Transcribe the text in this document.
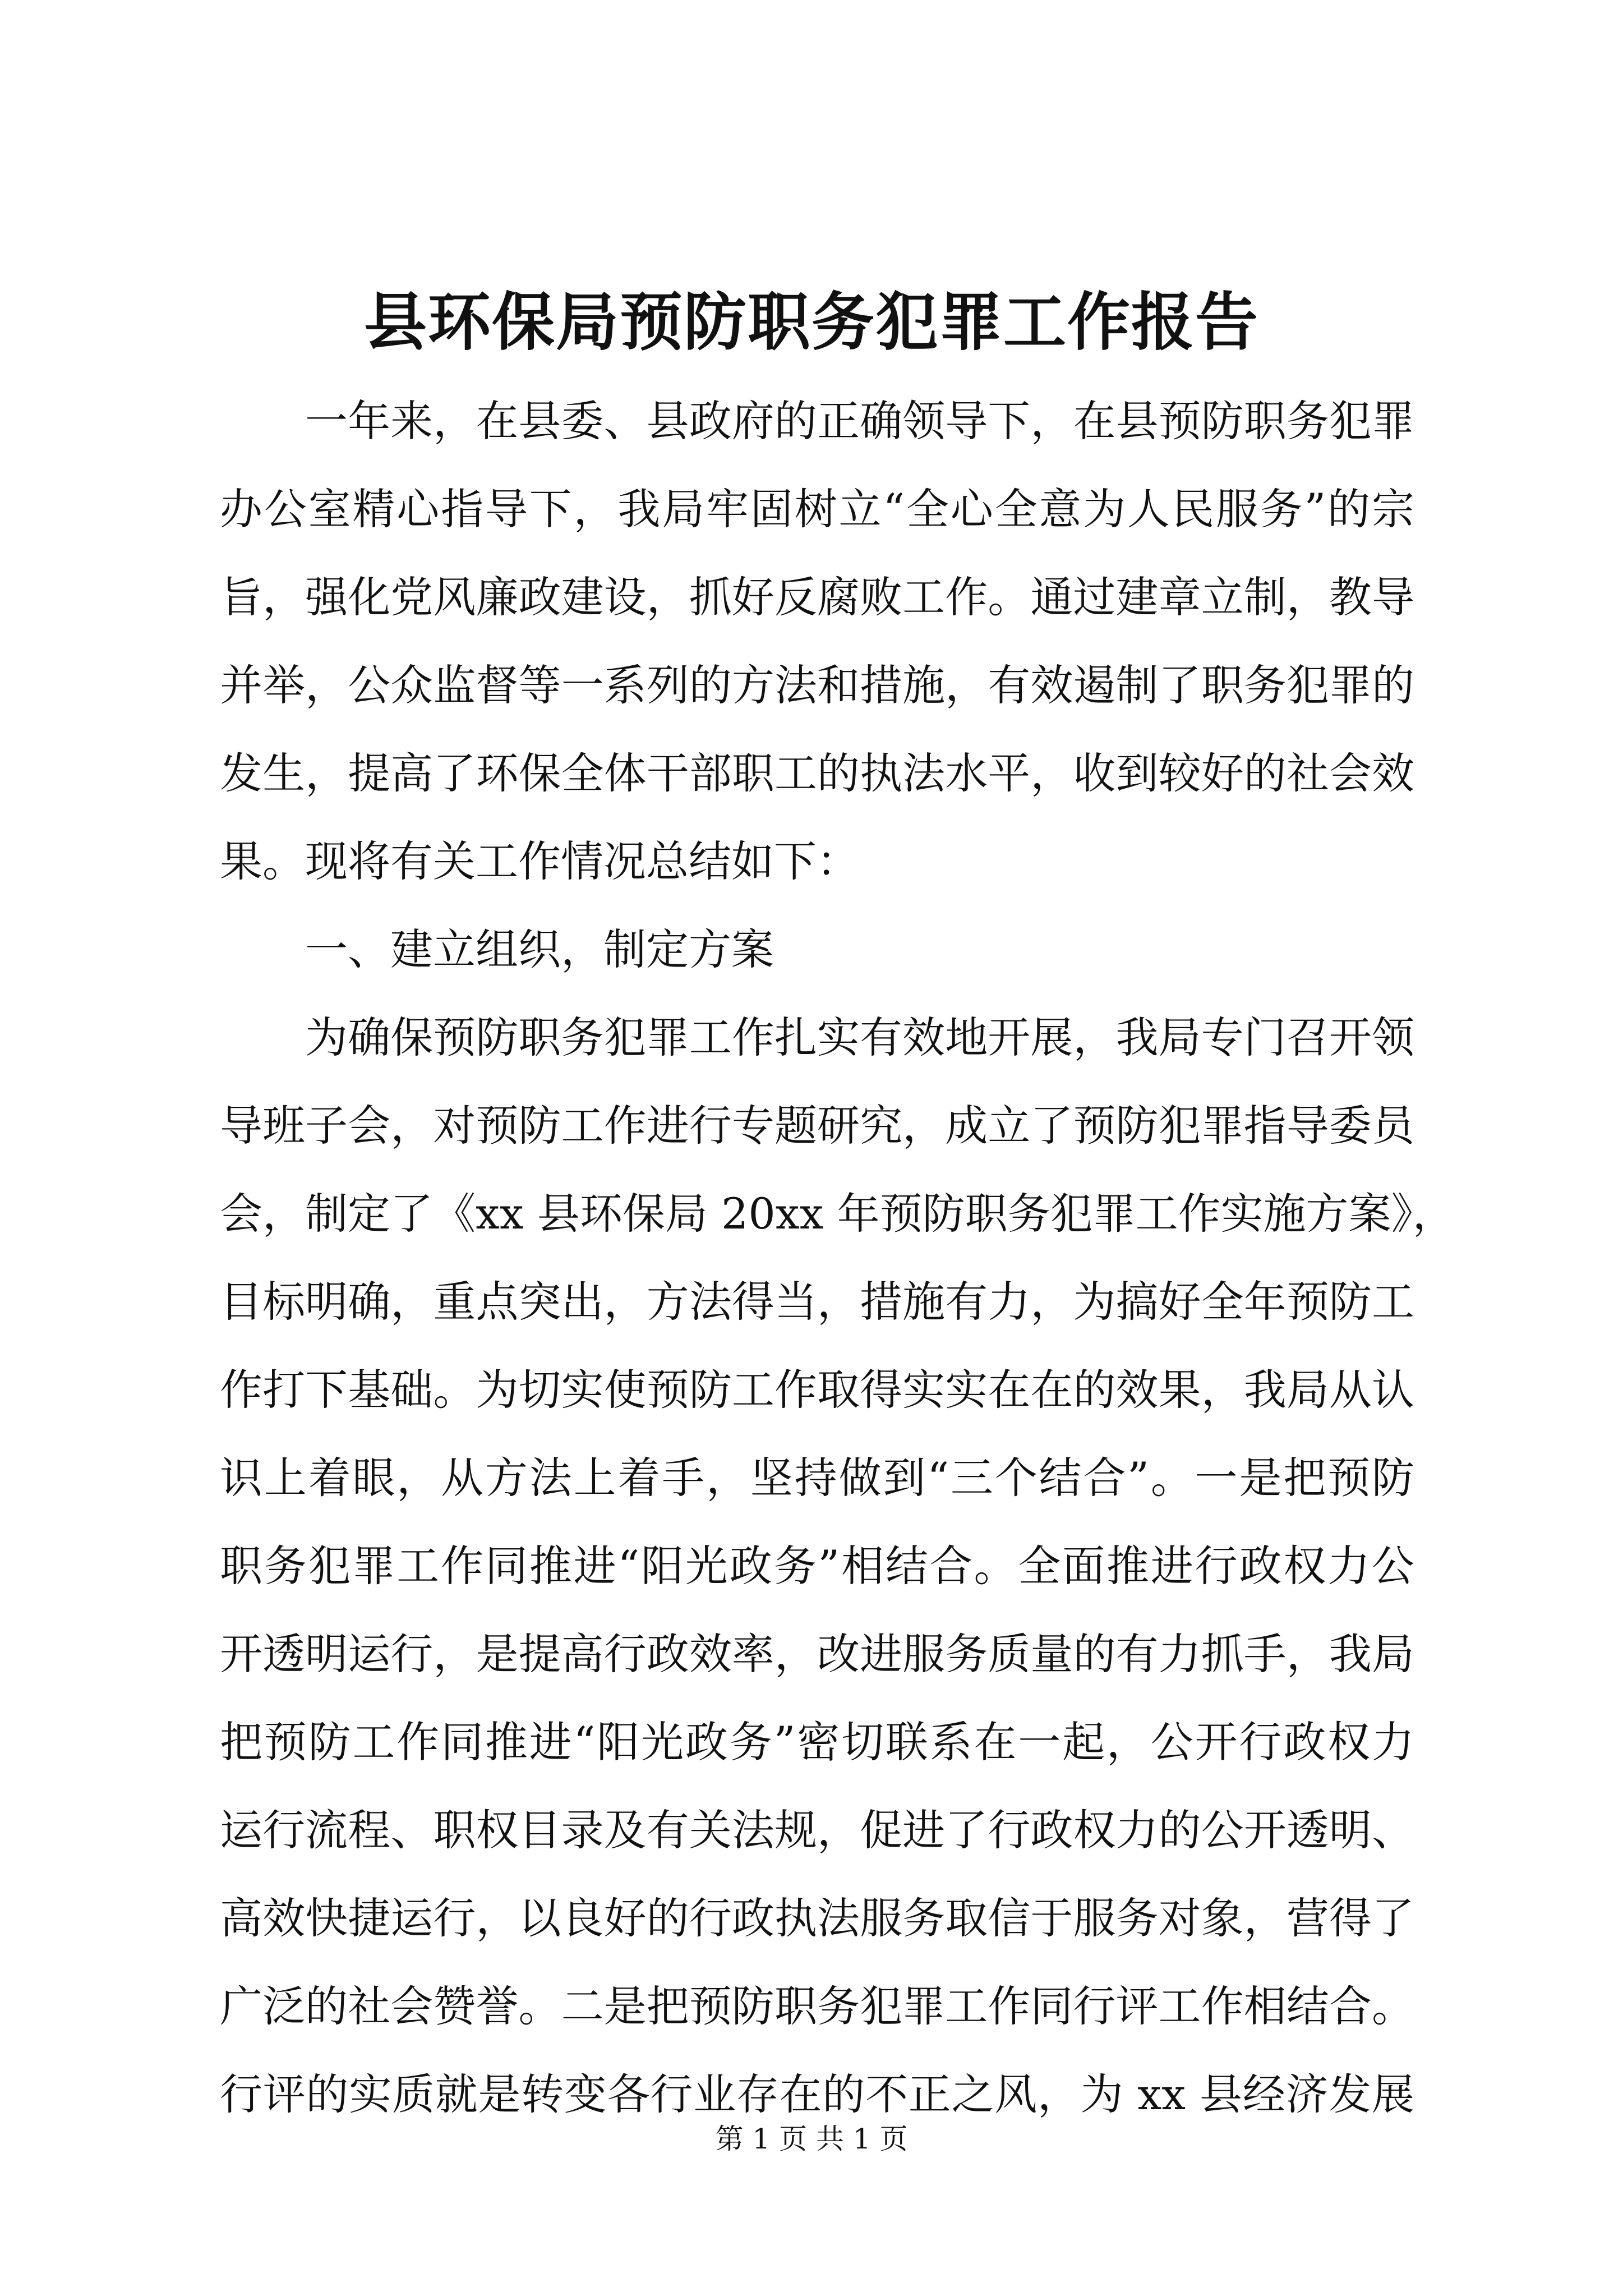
县环保局预防职务犯罪工作报告
一年来，在县委、县政府的正确领导下，在县预防职务犯罪
办公室精心指导下，我局牢固树立“全心全意为人民服务”的宗
旨，强化党风廉政建设，抓好反腐败工作。通过建章立制，教导
并举，公众监督等一系列的方法和措施，有效遏制了职务犯罪的
发生，提高了环保全体干部职工的执法水平，收到较好的社会效
果。现将有关工作情况总结如下：
一、建立组织，制定方案
为确保预防职务犯罪工作扎实有效地开展，我局专门召开领
导班子会，对预防工作进行专题研究，成立了预防犯罪指导委员
会，制定了《xx 县环保局 20xx 年预防职务犯罪工作实施方案》，
目标明确，重点突出，方法得当，措施有力，为搞好全年预防工
作打下基础。为切实使预防工作取得实实在在的效果，我局从认
识上着眼，从方法上着手，坚持做到“三个结合”。一是把预防
职务犯罪工作同推进“阳光政务”相结合。全面推进行政权力公
开透明运行，是提高行政效率，改进服务质量的有力抓手，我局
把预防工作同推进“阳光政务”密切联系在一起，公开行政权力
运行流程、职权目录及有关法规，促进了行政权力的公开透明、
高效快捷运行，以良好的行政执法服务取信于服务对象，营得了
广泛的社会赞誉。二是把预防职务犯罪工作同行评工作相结合。
行评的实质就是转变各行业存在的不正之风，为 xx 县经济发展
第 1 页 共 1 页
